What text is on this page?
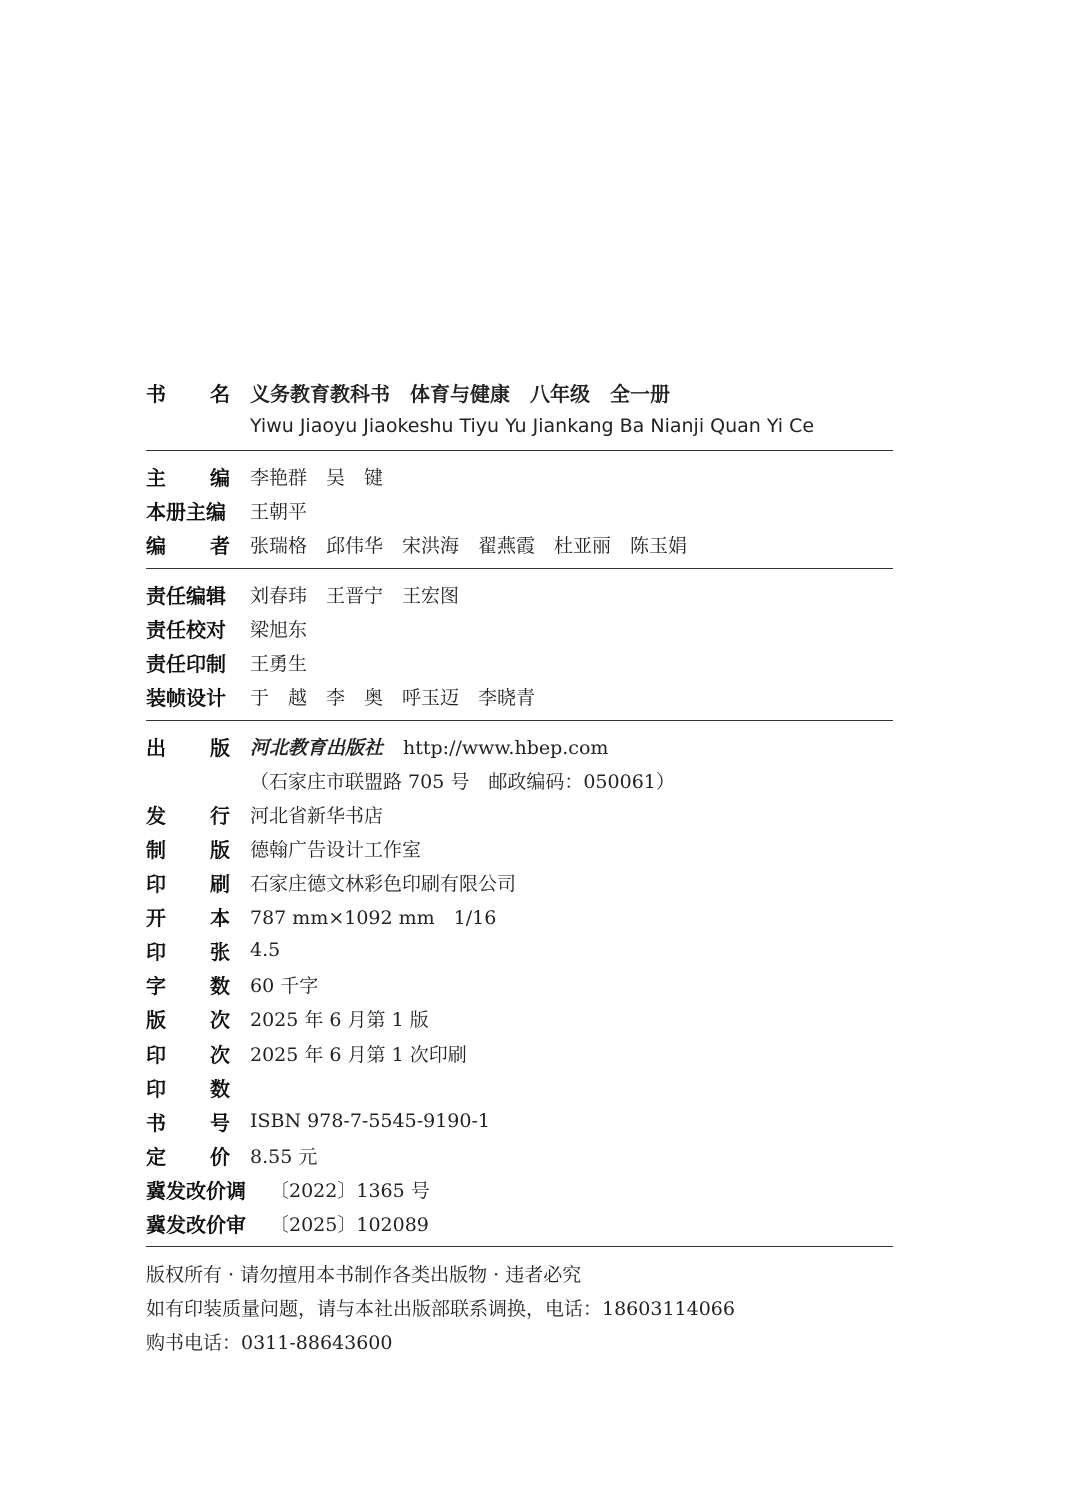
书 名 义务教育教科书　体育与健康　八年级　全一册
Yiwu Jiaoyu Jiaokeshu Tiyu Yu Jiankang Ba Nianji Quan Yi Ce
主 编 李艳群　吴　键
本册主编 王朝平
编 者 张瑞格　邱伟华　宋洪海　翟燕霞　杜亚丽　陈玉娟
责任编辑 刘春玮　王晋宁　王宏图
责任校对 梁旭东
责任印制 王勇生
装帧设计 于　越　李　奥　呼玉迈　李晓青
出 版 河北教育出版社 http://www.hbep.com
（石家庄市联盟路 705 号　邮政编码：050061）
发 行 河北省新华书店
制 版 德翰广告设计工作室
印 刷 石家庄德文林彩色印刷有限公司
开 本 787 mm×1092 mm　1/16
印 张 4.5
字 数 60 千字
版 次 2025 年 6 月第 1 版
印 次 2025 年 6 月第 1 次印刷
印 数
书 号 ISBN 978-7-5545-9190-1
定 价 8.55 元
冀发改价调 〔2022〕1365 号
冀发改价审 〔2025〕102089
版权所有 · 请勿擅用本书制作各类出版物 · 违者必究
如有印装质量问题，请与本社出版部联系调换，电话：18603114066
购书电话：0311-88643600
